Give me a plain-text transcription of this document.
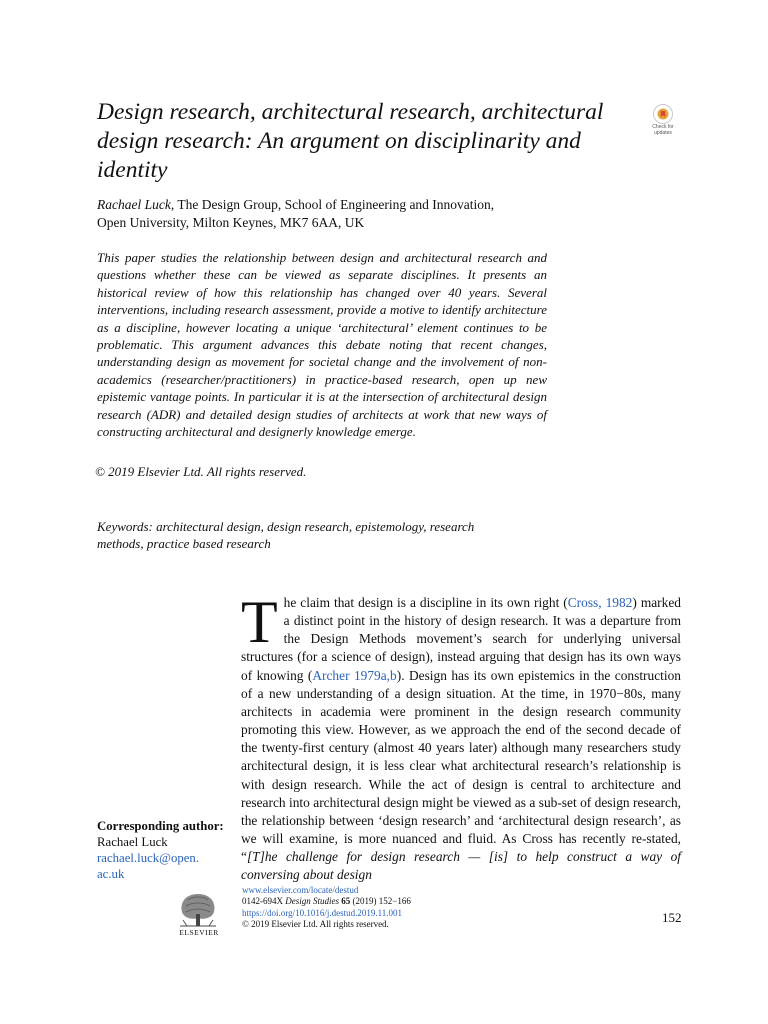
Design research, architectural research, architectural design research: An argument on disciplinarity and identity
Check for updates
Rachael Luck, The Design Group, School of Engineering and Innovation,
Open University, Milton Keynes, MK7 6AA, UK
This paper studies the relationship between design and architectural research and questions whether these can be viewed as separate disciplines. It presents an historical review of how this relationship has changed over 40 years. Several interventions, including research assessment, provide a motive to identify architecture as a discipline, however locating a unique ‘architectural’ element continues to be problematic. This argument advances this debate noting that recent changes, understanding design as movement for societal change and the involvement of non-academics (researcher/practitioners) in practice-based research, open up new epistemic vantage points. In particular it is at the intersection of architectural design research (ADR) and detailed design studies of architects at work that new ways of constructing architectural and designerly knowledge emerge.
© 2019 Elsevier Ltd. All rights reserved.
Keywords: architectural design, design research, epistemology, research methods, practice based research
The claim that design is a discipline in its own right (Cross, 1982) marked a distinct point in the history of design research. It was a departure from the Design Methods movement’s search for underlying universal structures (for a science of design), instead arguing that design has its own ways of knowing (Archer 1979a,b). Design has its own epistemics in the construction of a new understanding of a design situation. At the time, in 1970−80s, many architects in academia were prominent in the design research community promoting this view. However, as we approach the end of the second decade of the twenty-first century (almost 40 years later) although many researchers study architectural design, it is less clear what architectural research’s relationship is with design research. While the act of design is central to architecture and research into architectural design might be viewed as a sub-set of design research, the relationship between ‘design research’ and ‘architectural design research’, as we will examine, is more nuanced and fluid. As Cross has recently re-stated, “[T]he challenge for design research — [is] to help construct a way of conversing about design
Corresponding author:
Rachael Luck
rachael.luck@open.
ac.uk
ELSEVIER
www.elsevier.com/locate/destud
0142-694X Design Studies 65 (2019) 152−166
https://doi.org/10.1016/j.destud.2019.11.001
© 2019 Elsevier Ltd. All rights reserved.	152
